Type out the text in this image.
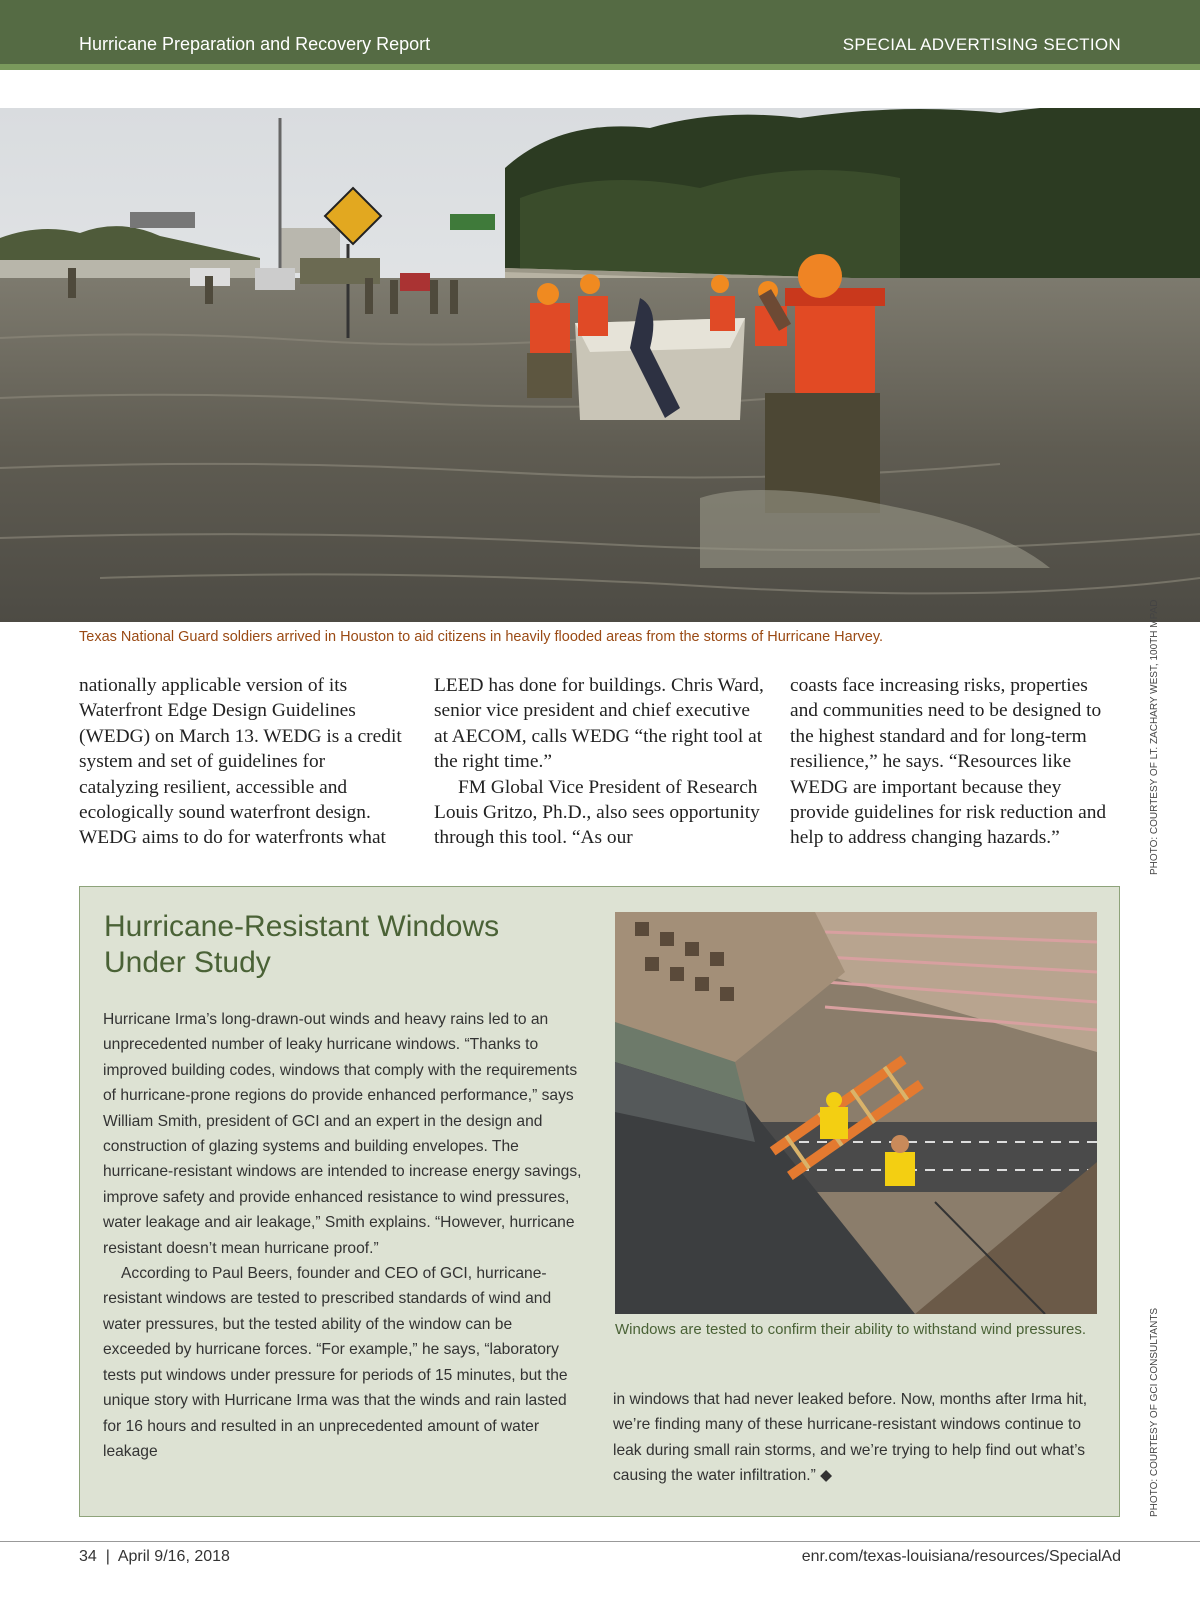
Hurricane Preparation and Recovery Report	SPECIAL ADVERTISING SECTION
Texas National Guard soldiers arrived in Houston to aid citizens in heavily flooded areas from the storms of Hurricane Harvey.	PHOTO: COURTESY OF LT. ZACHARY WEST, 100TH MPAD

nationally applicable version of its Waterfront Edge Design Guidelines (WEDG) on March 13. WEDG is a credit system and set of guidelines for catalyzing resilient, accessible and ecologically sound waterfront design. WEDG aims to do for waterfronts what

LEED has done for buildings. Chris Ward, senior vice president and chief executive at AECOM, calls WEDG “the right tool at the right time.”

FM Global Vice President of Research Louis Gritzo, Ph.D., also sees opportunity through this tool. “As our

coasts face increasing risks, properties and communities need to be designed to the highest standard and for long-term resilience,” he says. “Resources like WEDG are important because they provide guidelines for risk reduction and help to address changing hazards.”

Hurricane-Resistant Windows Under Study

Hurricane Irma’s long-drawn-out winds and heavy rains led to an unprecedented number of leaky hurricane windows. “Thanks to improved building codes, windows that comply with the requirements of hurricane-prone regions do provide enhanced performance,” says William Smith, president of GCI and an expert in the design and construction of glazing systems and building envelopes. The hurricane-resistant windows are intended to increase energy savings, improve safety and provide enhanced resistance to wind pressures, water leakage and air leakage,” Smith explains. “However, hurricane resistant doesn’t mean hurricane proof.”

According to Paul Beers, founder and CEO of GCI, hurricane-resistant windows are tested to prescribed standards of wind and water pressures, but the tested ability of the window can be exceeded by hurricane forces. “For example,” he says, “laboratory tests put windows under pressure for periods of 15 minutes, but the unique story with Hurricane Irma was that the winds and rain lasted for 16 hours and resulted in an unprecedented amount of water leakage

Windows are tested to confirm their ability to withstand wind pressures.

in windows that had never leaked before. Now, months after Irma hit, we’re finding many of these hurricane-resistant windows continue to leak during small rain storms, and we’re trying to help find out what’s causing the water infiltration.” ◆	PHOTO: COURTESY OF GCI CONSULTANTS
34  |  April 9/16, 2018	enr.com/texas-louisiana/resources/SpecialAd
